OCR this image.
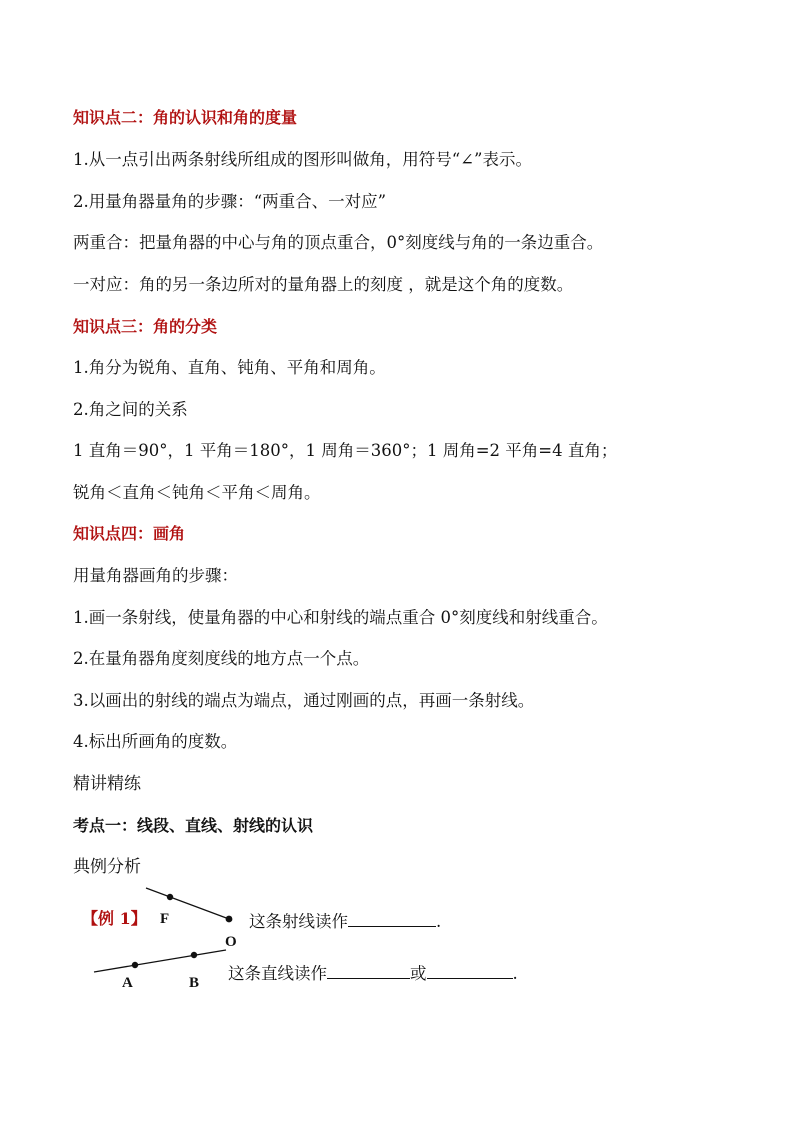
知识点二：角的认识和角的度量
1.从一点引出两条射线所组成的图形叫做角，用符号“∠”表示。
2.用量角器量角的步骤：“两重合、一对应”
两重合：把量角器的中心与角的顶点重合，0°刻度线与角的一条边重合。
一对应：角的另一条边所对的量角器上的刻度 ，就是这个角的度数。
知识点三：角的分类
1.角分为锐角、直角、钝角、平角和周角。
2.角之间的关系
1 直角＝90°，1 平角＝180°，1 周角＝360°；1 周角=2 平角=4 直角；
锐角＜直角＜钝角＜平角＜周角。
知识点四：画角
用量角器画角的步骤：
1.画一条射线，使量角器的中心和射线的端点重合 0°刻度线和射线重合。
2.在量角器角度刻度线的地方点一个点。
3.以画出的射线的端点为端点，通过刚画的点，再画一条射线。
4.标出所画角的度数。
精讲精练
考点一：线段、直线、射线的认识
典例分析
【例 1】 F
O
A	B
这条射线读作	.
这条直线读作	或	.
